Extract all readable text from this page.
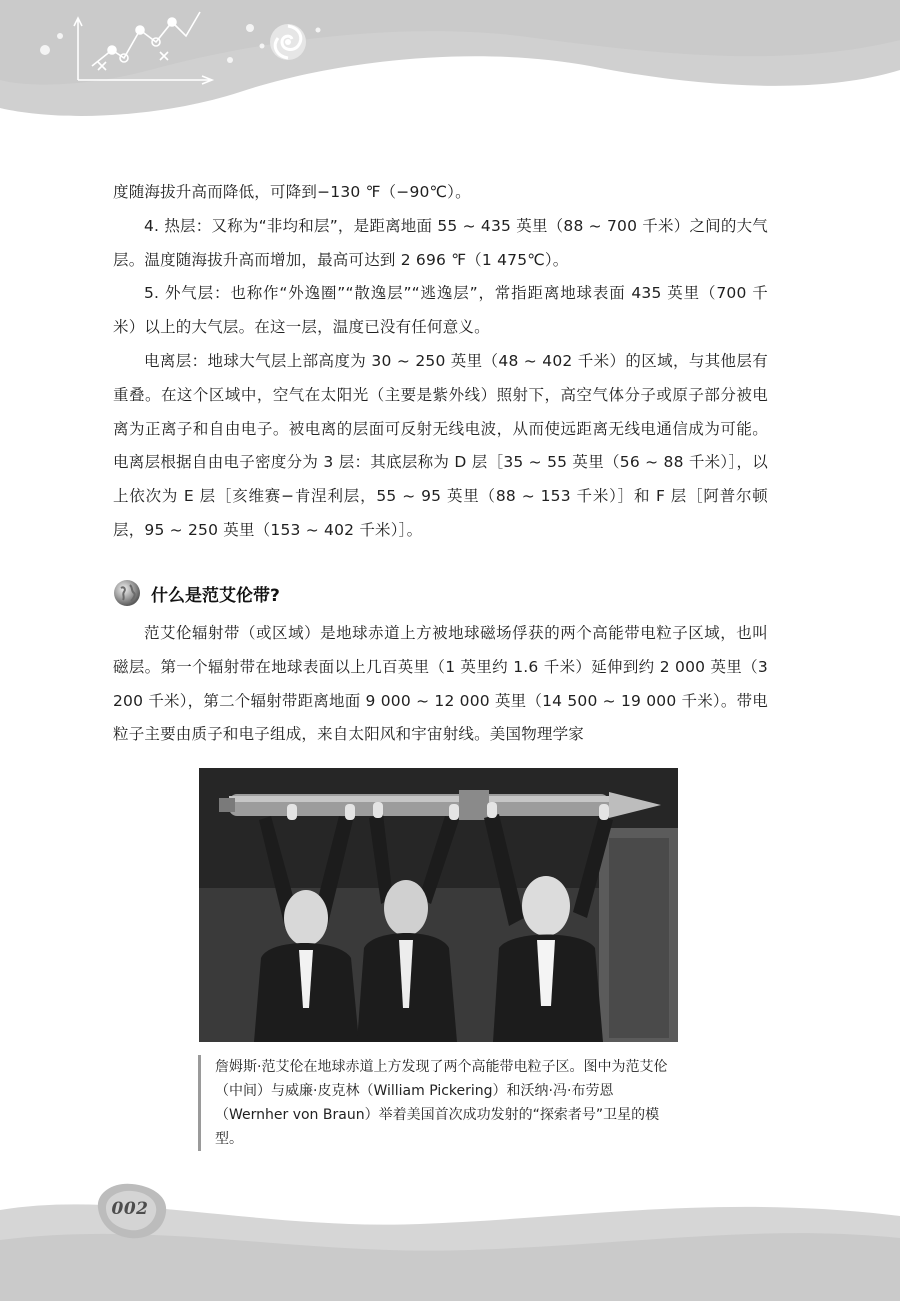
度随海拔升高而降低，可降到−130 ℉（−90℃）。

4. 热层：又称为“非均和层”，是距离地面 55 ~ 435 英里（88 ~ 700 千米）之间的大气层。温度随海拔升高而增加，最高可达到 2 696 ℉（1 475℃）。

5. 外气层：也称作“外逸圈”“散逸层”“逃逸层”，常指距离地球表面 435 英里（700 千米）以上的大气层。在这一层，温度已没有任何意义。

电离层：地球大气层上部高度为 30 ~ 250 英里（48 ~ 402 千米）的区域，与其他层有重叠。在这个区域中，空气在太阳光（主要是紫外线）照射下，高空气体分子或原子部分被电离为正离子和自由电子。被电离的层面可反射无线电波，从而使远距离无线电通信成为可能。电离层根据自由电子密度分为 3 层：其底层称为 D 层［35 ~ 55 英里（56 ~ 88 千米）］，以上依次为 E 层［亥维赛−肯涅利层，55 ~ 95 英里（88 ~ 153 千米）］和 F 层［阿普尔顿层，95 ~ 250 英里（153 ~ 402 千米）］。

什么是范艾伦带?

范艾伦辐射带（或区域）是地球赤道上方被地球磁场俘获的两个高能带电粒子区域，也叫磁层。第一个辐射带在地球表面以上几百英里（1 英里约 1.6 千米）延伸到约 2 000 英里（3 200 千米），第二个辐射带距离地面 9 000 ~ 12 000 英里（14 500 ~ 19 000 千米）。带电粒子主要由质子和电子组成，来自太阳风和宇宙射线。美国物理学家

詹姆斯·范艾伦在地球赤道上方发现了两个高能带电粒子区。图中为范艾伦（中间）与威廉·皮克林（William Pickering）和沃纳·冯·布劳恩（Wernher von Braun）举着美国首次成功发射的“探索者号”卫星的模型。
002
